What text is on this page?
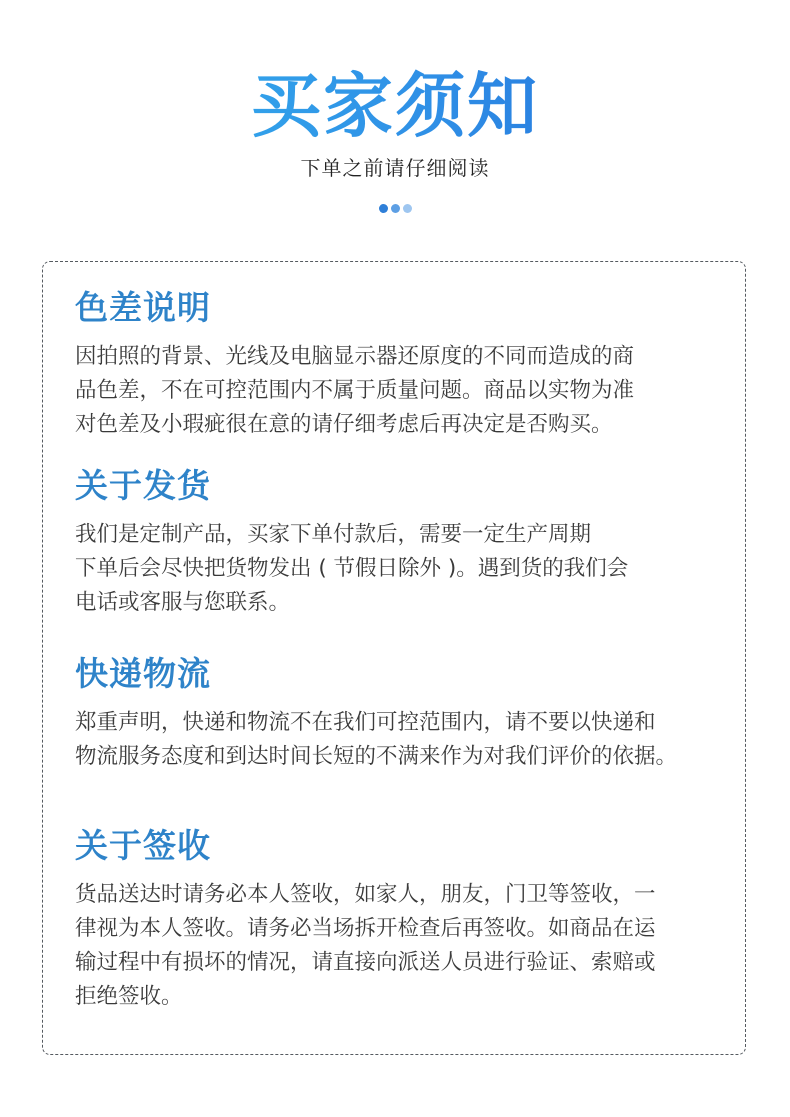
买家须知
下单之前请仔细阅读
色差说明
因拍照的背景、光线及电脑显示器还原度的不同而造成的商
品色差，不在可控范围内不属于质量问题。商品以实物为准
对色差及小瑕疵很在意的请仔细考虑后再决定是否购买。
关于发货
我们是定制产品，买家下单付款后，需要一定生产周期
下单后会尽快把货物发出 ( 节假日除外 )。遇到货的我们会
电话或客服与您联系。
快递物流
郑重声明，快递和物流不在我们可控范围内，请不要以快递和
物流服务态度和到达时间长短的不满来作为对我们评价的依据。
关于签收
货品送达时请务必本人签收，如家人，朋友，门卫等签收，一
律视为本人签收。请务必当场拆开检查后再签收。如商品在运
输过程中有损坏的情况，请直接向派送人员进行验证、索赔或
拒绝签收。
